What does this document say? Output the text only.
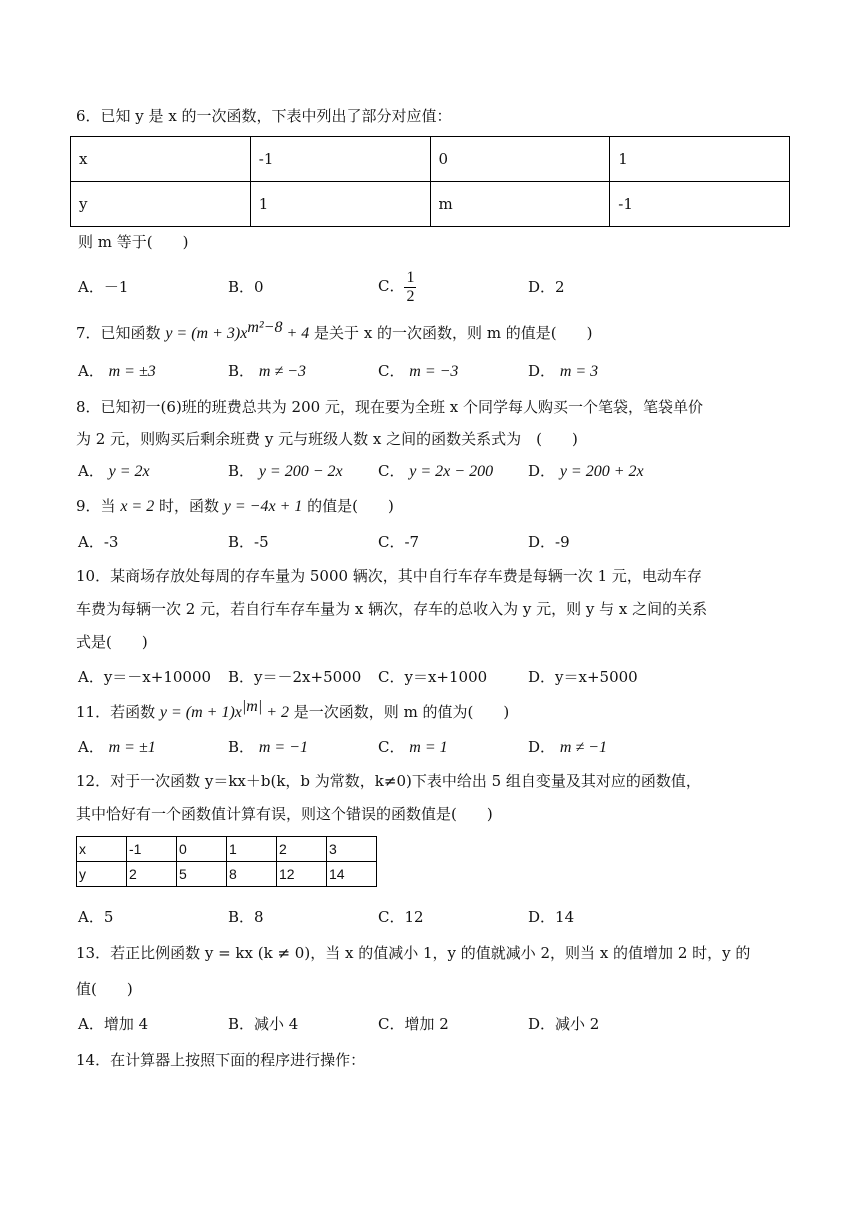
6．已知 y 是 x 的一次函数，下表中列出了部分对应值：
x	-1	0	1
y	1	m	-1
则 m 等于(　　)
A．－1	B．0	C． $\frac{1}{2}$	D．2
7．已知函数 $y = (m + 3)x^{m^2-8} + 4$ 是关于 x 的一次函数，则 m 的值是(　　)
A． m = ±3	B． m ≠ −3	C． m = −3	D． m = 3
8．已知初一(6)班的班费总共为 200 元，现在要为全班 x 个同学每人购买一个笔袋，笔袋单价
为 2 元，则购买后剩余班费 y 元与班级人数 x 之间的函数关系式为　(　　)
A． y = 2x	B． y = 200 − 2x C． y = 2x − 200 D． y = 200 + 2x
9．当 x = 2 时，函数 y = −4x + 1 的值是(　　)
A．-3	B．-5	C．-7	D．-9
10．某商场存放处每周的存车量为 5000 辆次，其中自行车存车费是每辆一次 1 元，电动车存
车费为每辆一次 2 元，若自行车存车量为 x 辆次，存车的总收入为 y 元，则 y 与 x 之间的关系
式是(　　)
A．y＝－x+10000 B．y＝－2x+5000 C．y＝x+1000	D．y＝x+5000
11．若函数 $y = (m + 1)x^{|m|} + 2$ 是一次函数，则 m 的值为(　　)
A． m = ±1	B． m = −1	C． m = 1	D． m ≠ −1
12．对于一次函数 y＝kx＋b(k，b 为常数，k≠0)下表中给出 5 组自变量及其对应的函数值，
其中恰好有一个函数值计算有误，则这个错误的函数值是(　　)
x	-1	0	1	2	3
y	2	5	8	12	14
A．5	B．8	C．12	D．14
13．若正比例函数 y = kx (k ≠ 0)，当 x 的值减小 1，y 的值就减小 2，则当 x 的值增加 2 时，y 的
值(　　)
A．增加 4	B．减小 4	C．增加 2	D．减小 2
14．在计算器上按照下面的程序进行操作：
